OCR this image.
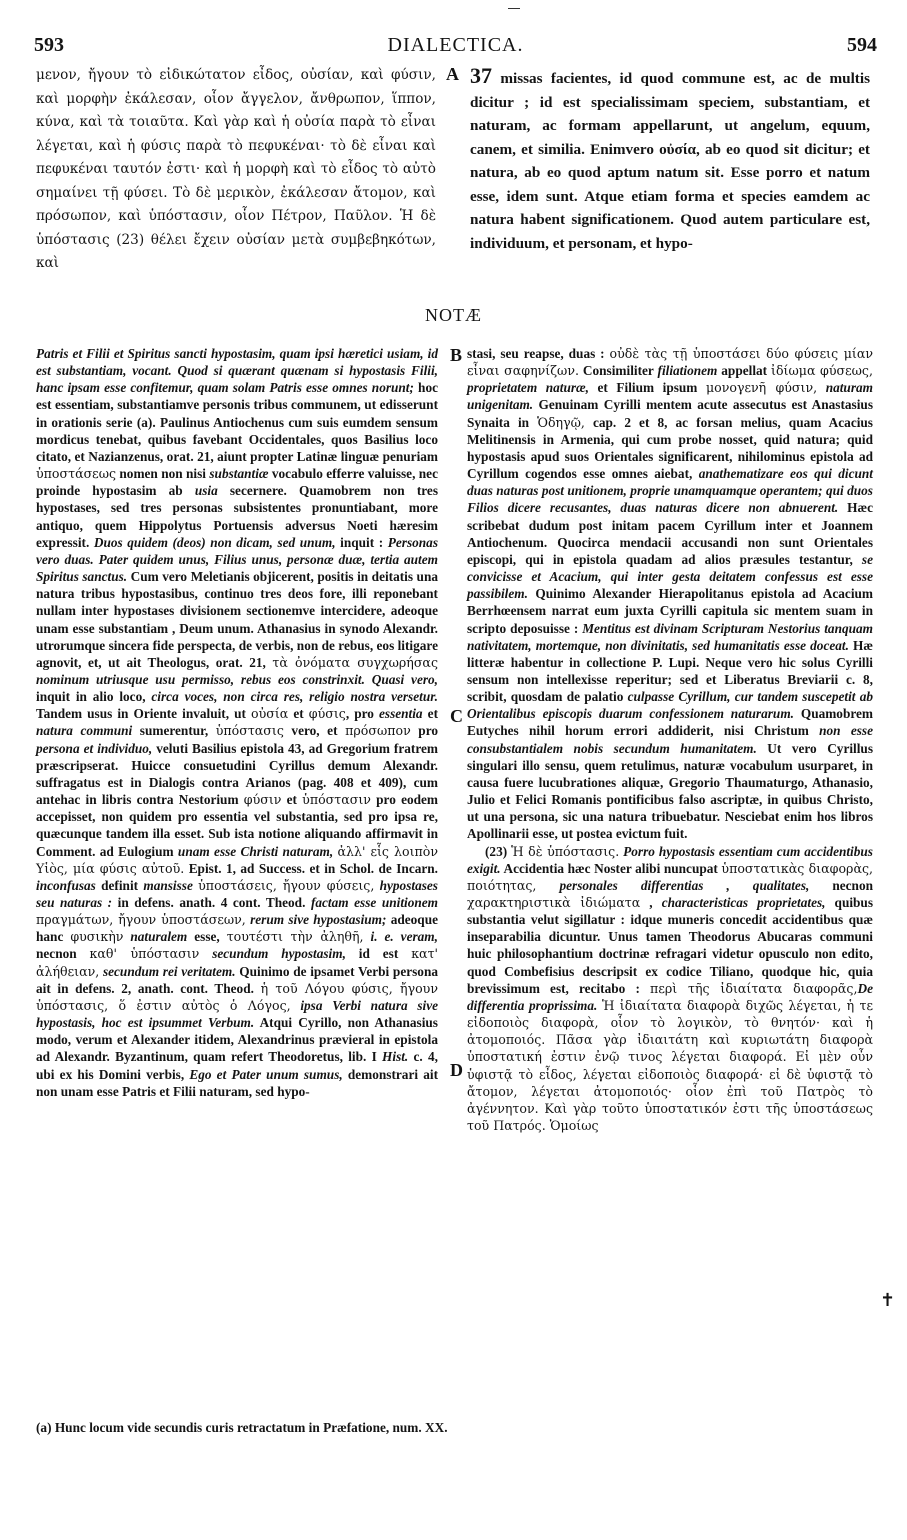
593	DIALECTICA.	594
μενον, ἤγουν τὸ εἰδικώτατον εἶδος, οὐσίαν, καὶ φύσιν, καὶ μορφὴν ἐκάλεσαν, οἷον ἄγγελον, ἄνθρωπον, ἵππον, κύνα, καὶ τὰ τοιαῦτα. Καὶ γὰρ καὶ ἡ οὐσία παρὰ τὸ εἶναι λέγεται, καὶ ἡ φύσις παρὰ τὸ πεφυκέναι· τὸ δὲ εἶναι καὶ πεφυκέναι ταυτόν ἐστι· καὶ ἡ μορφὴ καὶ τὸ εἶδος τὸ αὐτὸ σημαίνει τῇ φύσει. Τὸ δὲ μερικὸν, ἐκάλεσαν ἄτομον, καὶ πρόσωπον, καὶ ὑπόστασιν, οἷον Πέτρον, Παῦλον. Ἡ δὲ ὑπόστασις (23) θέλει ἔχειν οὐσίαν μετὰ συμβεβηκότων, καὶ
A 37 missas facientes, id quod commune est, ac de multis dicitur ; id est specialissimam speciem, substantiam, et naturam, ac formam appellarunt, ut angelum, equum, canem, et similia. Enimvero οὐσία, ab eo quod sit dicitur; et natura, ab eo quod aptum natum sit. Esse porro et natum esse, idem sunt. Atque etiam forma et species eamdem ac natura habent significationem. Quod autem particulare est, individuum, et personam, et hypo-
NOTÆ
Patris et Filii et Spiritus sancti hypostasim, quam ipsi hæretici usiam, id est substantiam, vocant. Quod si quærant quænam si hypostasis Filii, hanc ipsam esse confitemur, quam solam Patris esse omnes norunt; hoc est essentiam, substantiamve personis tribus communem, ut edisserunt in orationis serie (a). Paulinus Antiochenus cum suis eumdem sensum mordicus tenebat, quibus favebant Occidentales, quos Basilius loco citato, et Nazianzenus, orat. 21, aiunt propter Latinæ linguæ penuriam ὑποστάσεως nomen non nisi substantiæ vocabulo efferre valuisse, nec proinde hypostasim ab usia secernere. Quamobrem non tres hypostases, sed tres personas subsistentes pronuntiabant, more antiquo, quem Hippolytus Portuensis adversus Noeti hæresim expressit. Duos quidem (deos) non dicam, sed unum, inquit : Personas vero duas. Pater quidem unus, Filius unus, personæ duæ, tertia autem Spiritus sanctus. Cum vero Meletianis objicerent, positis in deitatis una natura tribus hypostasibus, continuo tres deos fore, illi reponebant nullam inter hypostases divisionem sectionemve intercidere, adeoque unam esse substantiam , Deum unum. Athanasius in synodo Alexandr. utrorumque sincera fide perspecta, de verbis, non de rebus, eos litigare agnovit, et, ut ait Theologus, orat. 21, τὰ ὀνόματα συγχωρήσας nominum utriusque usu permisso, rebus eos constrinxit. Quasi vero, inquit in alio loco, circa voces, non circa res, religio nostra versetur. Tandem usus in Oriente invaluit, ut οὐσία et φύσις, pro essentia et natura communi sumerentur, ὑπόστασις vero, et πρόσωπον pro persona et individuo, veluti Basilius epistola 43, ad Gregorium fratrem præscripserat. Huicce consuetudini Cyrillus demum Alexandr. suffragatus est in Dialogis contra Arianos (pag. 408 et 409), cum antehac in libris contra Nestorium φύσιν et ὑπόστασιν pro eodem accepisset, non quidem pro essentia vel substantia, sed pro ipsa re, quæcunque tandem illa esset. Sub ista notione aliquando affirmavit in Comment. ad Eulogium unam esse Christi naturam, ἀλλ' εἷς λοιπὸν Υἱὸς, μία φύσις αὐτοῦ. Epist. 1, ad Success. et in Schol. de Incarn. inconfusas definit mansisse ὑποστάσεις, ἤγουν φύσεις, hypostases seu naturas : in defens. anath. 4 cont. Theod. factam esse unitionem πραγμάτων, ἤγουν ὑποστάσεων, rerum sive hypostasium; adeoque hanc φυσικὴν naturalem esse, τουτέστι τὴν ἀληθῆ, i. e. veram, necnon καθ' ὑπόστασιν secundum hypostasim, id est κατ' ἀλήθειαν, secundum rei veritatem. Quinimo de ipsamet Verbi persona ait in defens. 2, anath. cont. Theod. ἡ τοῦ Λόγου φύσις, ἤγουν ὑπόστασις, ὅ ἐστιν αὐτὸς ὁ Λόγος, ipsa Verbi natura sive hypostasis, hoc est ipsummet Verbum. Atqui Cyrillo, non Athanasius modo, verum et Alexander itidem, Alexandrinus prævieral in epistola ad Alexandr. Byzantinum, quam refert Theodoretus, lib. I Hist. c. 4, ubi ex his Domini verbis, Ego et Pater unum sumus, demonstrari ait non unam esse Patris et Filii naturam, sed hypo-
B
C
D
stasi, seu reapse, duas : οὐδὲ τὰς τῇ ὑποστάσει δύο φύσεις μίαν εἶναι σαφηνίζων. Consimiliter filiationem appellat ἰδίωμα φύσεως, proprietatem naturæ, et Filium ipsum μονογενῆ φύσιν, naturam unigenitam. Genuinam Cyrilli mentem acute assecutus est Anastasius Synaita in Ὁδηγῷ, cap. 2 et 8, ac forsan melius, quam Acacius Melitinensis in Armenia, qui cum probe nosset, quid natura; quid hypostasis apud suos Orientales significarent, nihilominus epistola ad Cyrillum cogendos esse omnes aiebat, anathematizare eos qui dicunt duas naturas post unitionem, proprie unamquamque operantem; qui duos Filios dicere recusantes, duas naturas dicere non abnuerent. Hæc scribebat dudum post initam pacem Cyrillum inter et Joannem Antiochenum. Quocirca mendacii accusandi non sunt Orientales episcopi, qui in epistola quadam ad alios præsules testantur, se convicisse et Acacium, qui inter gesta deitatem confessus est esse passibilem. Quinimo Alexander Hierapolitanus epistola ad Acacium Berrhœensem narrat eum juxta Cyrilli capitula sic mentem suam in scripto deposuisse : Mentitus est divinam Scripturam Nestorius tanquam nativitatem, mortemque, non divinitatis, sed humanitatis esse doceat. Hæ litteræ habentur in collectione P. Lupi. Neque vero hic solus Cyrilli sensum non intellexisse reperitur; sed et Liberatus Breviarii c. 8, scribit, quosdam de palatio culpasse Cyrillum, cur tandem suscepetit ab Orientalibus episcopis duarum confessionem naturarum. Quamobrem Eutyches nihil horum errori addiderit, nisi Christum non esse consubstantialem nobis secundum humanitatem. Ut vero Cyrillus singulari illo sensu, quem retulimus, naturæ vocabulum usurparet, in causa fuere lucubrationes aliquæ, Gregorio Thaumaturgo, Athanasio, Julio et Felici Romanis pontificibus falso ascriptæ, in quibus Christo, ut una persona, sic una natura tribuebatur. Nesciebat enim hos libros Apollinarii esse, ut postea evictum fuit.
(23) Ἡ δὲ ὑπόστασις. Porro hypostasis essentiam cum accidentibus exigit. Accidentia hæc Noster alibi nuncupat ὑποστατικὰς διαφορὰς, ποιότητας, personales differentias , qualitates, necnon χαρακτηριστικὰ ἰδιώματα , characteristicas proprietates, quibus substantia velut sigillatur : idque muneris concedit accidentibus quæ inseparabilia dicuntur. Unus tamen Theodorus Abucaras communi huic philosophantium doctrinæ refragari videtur opusculo non edito, quod Combefisius descripsit ex codice Tiliano, quodque hic, quia brevissimum est, recitabo : περὶ τῆς ἰδιαίτατα διαφορᾶς,De differentia proprissima. Ἡ ἰδιαίτατα διαφορὰ διχῶς λέγεται, ἡ τε εἰδοποιὸς διαφορὰ, οἷον τὸ λογικὸν, τὸ θνητόν· καὶ ἡ ἀτομοποιός. Πᾶσα γὰρ ἰδιαιτάτη καὶ κυριωτάτη διαφορὰ ὑποστατική ἐστιν ἐνῷ τινος λέγεται διαφορά. Εἰ μὲν οὖν ὑφιστᾷ τὸ εἶδος, λέγεται εἰδοποιὸς διαφορά· εἰ δὲ ὑφιστᾷ τὸ ἄτομον, λέγεται ἀτομοποιός· οἷον ἐπὶ τοῦ Πατρὸς τὸ ἀγέννητον. Καὶ γὰρ τοῦτο ὑποστατικόν ἐστι τῆς ὑποστάσεως τοῦ Πατρός. Ὁμοίως
✝
(a) Hunc locum vide secundis curis retractatum in Præfatione, num. XX.
